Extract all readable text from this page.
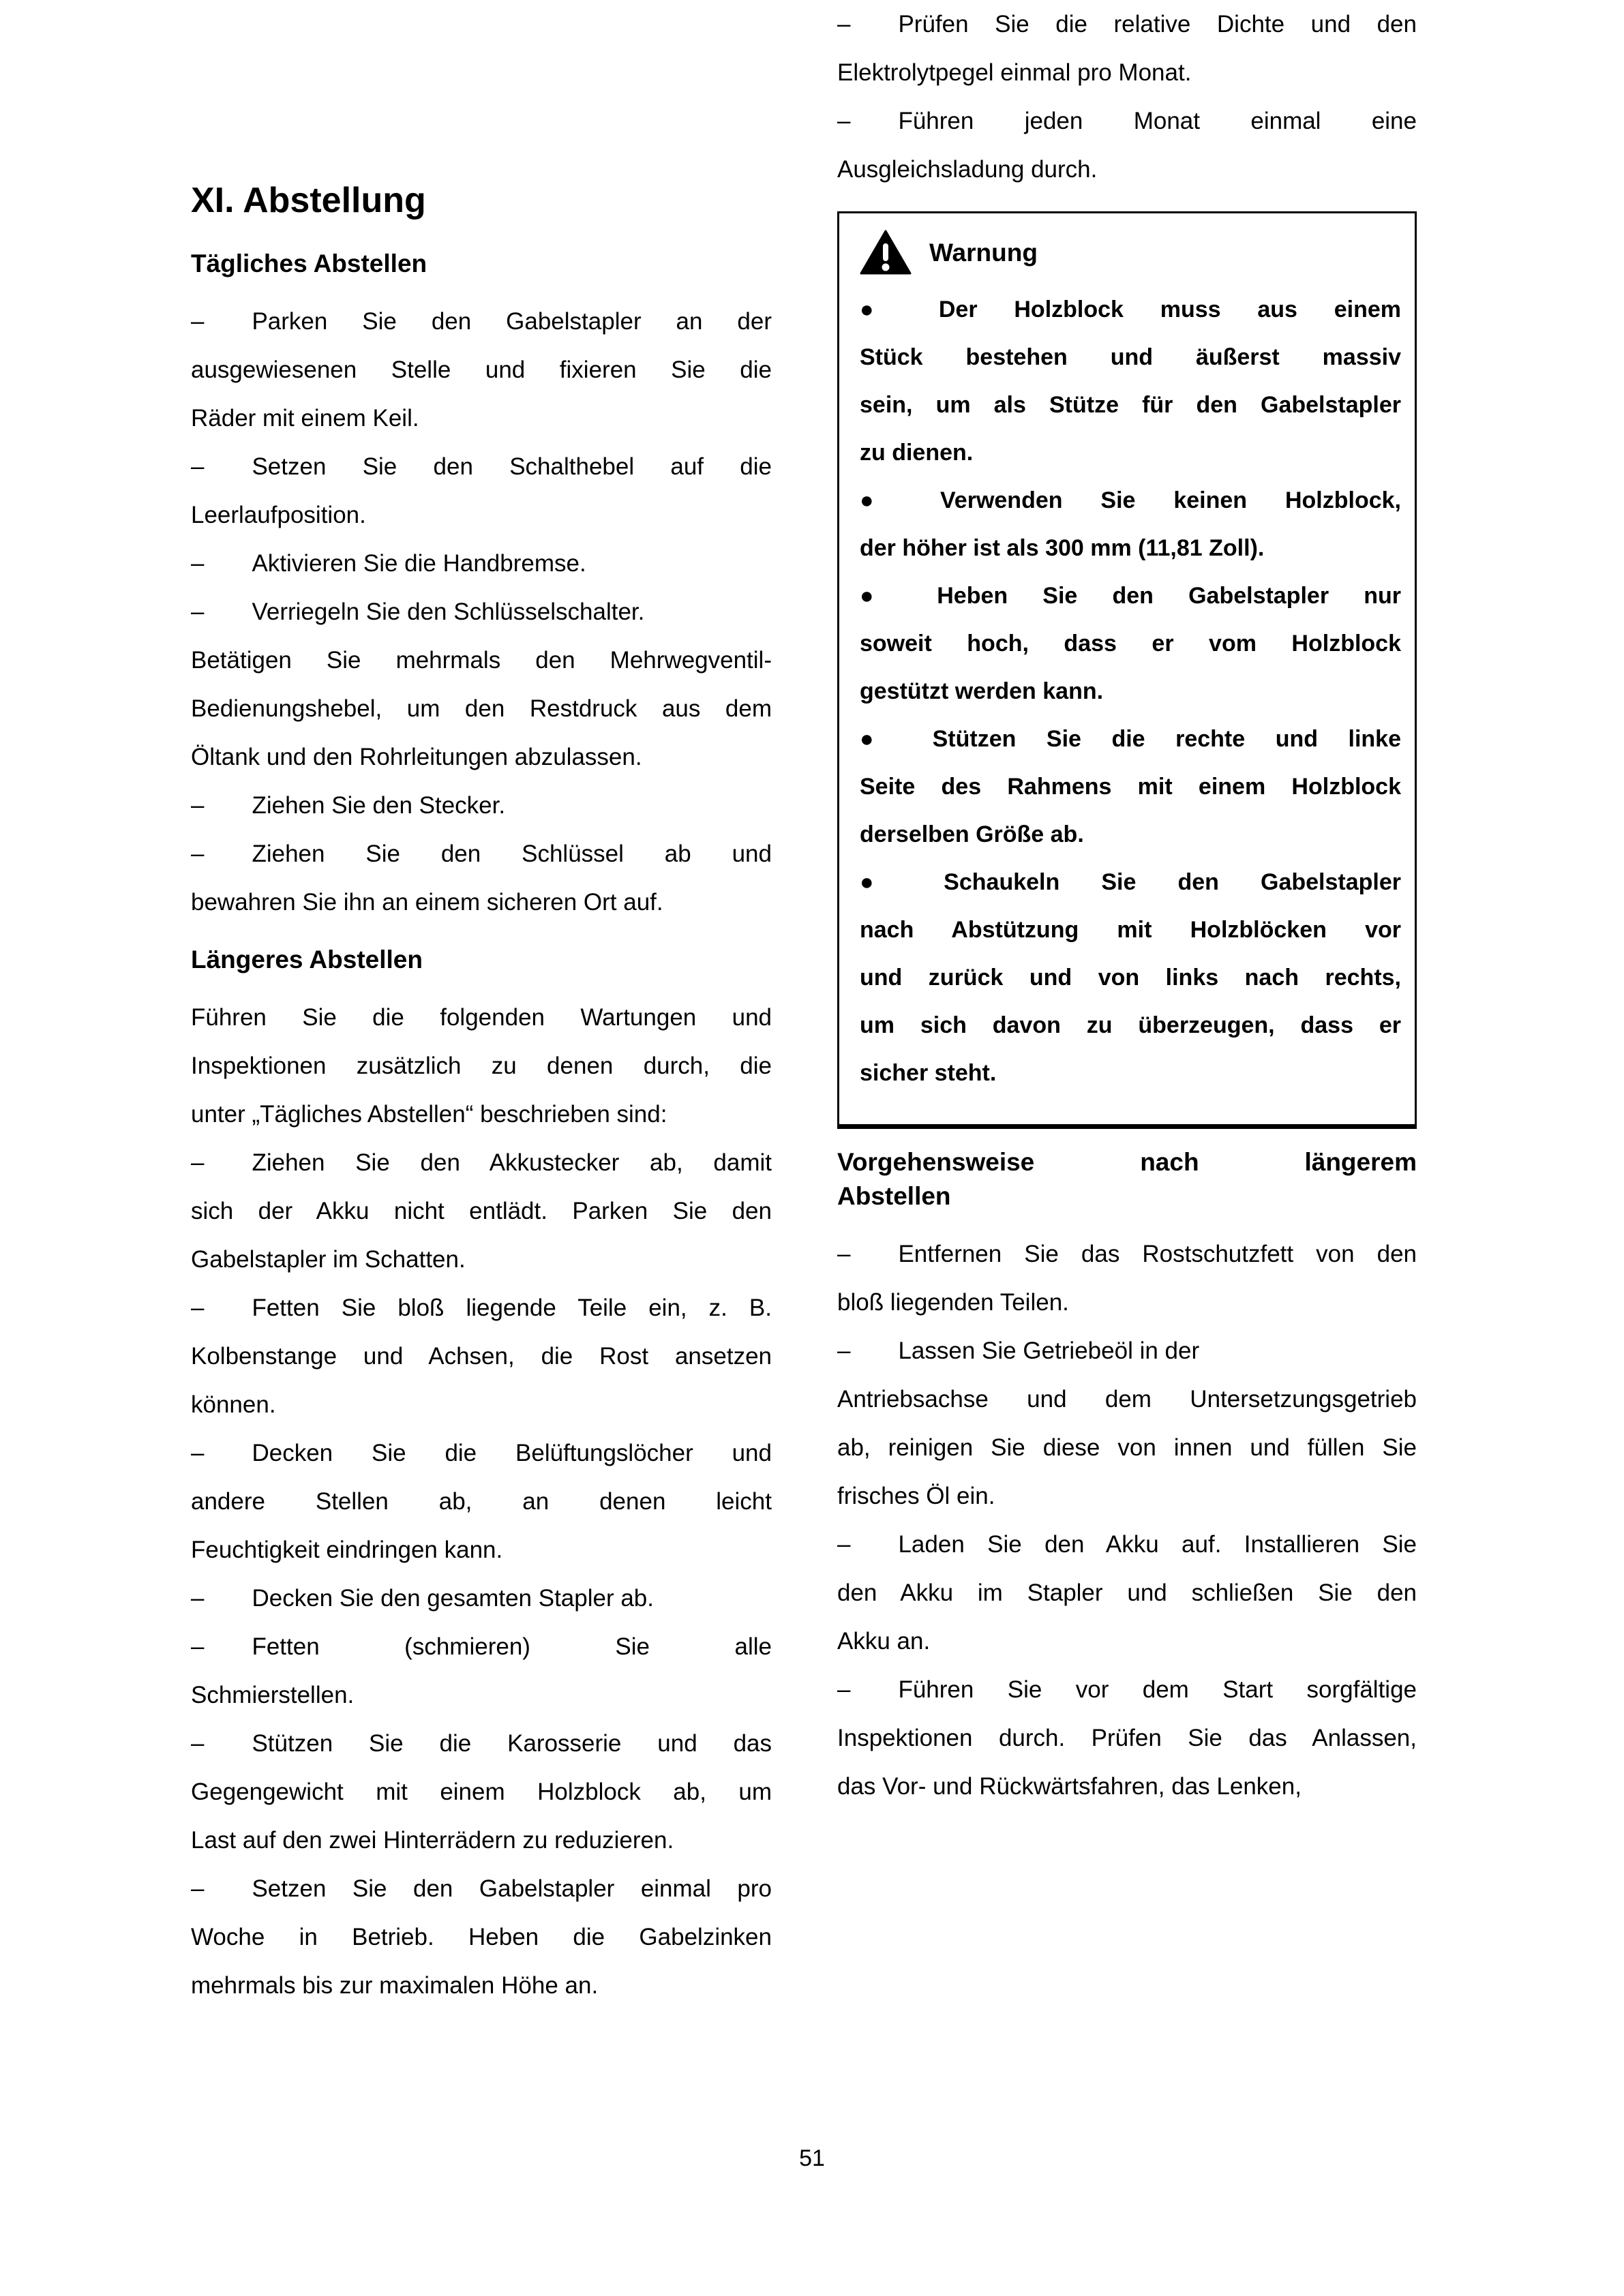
XI. Abstellung
Tägliches Abstellen
–  Parken Sie den Gabelstapler an der
ausgewiesenen Stelle und fixieren Sie die
Räder mit einem Keil.
–  Setzen Sie den Schalthebel auf die
Leerlaufposition.
–  Aktivieren Sie die Handbremse.
–  Verriegeln Sie den Schlüsselschalter.
Betätigen Sie mehrmals den Mehrwegventil-
Bedienungshebel, um den Restdruck aus dem
Öltank und den Rohrleitungen abzulassen.
–  Ziehen Sie den Stecker.
–  Ziehen Sie den Schlüssel ab und
bewahren Sie ihn an einem sicheren Ort auf.
Längeres Abstellen
Führen Sie die folgenden Wartungen und
Inspektionen zusätzlich zu denen durch, die
unter „Tägliches Abstellen“ beschrieben sind:
–  Ziehen Sie den Akkustecker ab, damit
sich der Akku nicht entlädt. Parken Sie den
Gabelstapler im Schatten.
–  Fetten Sie bloß liegende Teile ein, z. B.
Kolbenstange und Achsen, die Rost ansetzen
können.
–  Decken Sie die Belüftungslöcher und
andere Stellen ab, an denen leicht
Feuchtigkeit eindringen kann.
–  Decken Sie den gesamten Stapler ab.
–  Fetten (schmieren) Sie alle
Schmierstellen.
–  Stützen Sie die Karosserie und das
Gegengewicht mit einem Holzblock ab, um
Last auf den zwei Hinterrädern zu reduzieren.
–  Setzen Sie den Gabelstapler einmal pro
Woche in Betrieb. Heben die Gabelzinken
mehrmals bis zur maximalen Höhe an.
–  Prüfen Sie die relative Dichte und den
Elektrolytpegel einmal pro Monat.
–  Führen jeden Monat einmal eine
Ausgleichsladung durch.
Warnung
●  Der Holzblock muss aus einem
Stück bestehen und äußerst massiv
sein, um als Stütze für den Gabelstapler
zu dienen.
●  Verwenden Sie keinen Holzblock,
der höher ist als 300 mm (11,81 Zoll).
●  Heben Sie den Gabelstapler nur
soweit hoch, dass er vom Holzblock
gestützt werden kann.
●  Stützen Sie die rechte und linke
Seite des Rahmens mit einem Holzblock
derselben Größe ab.
●  Schaukeln Sie den Gabelstapler
nach Abstützung mit Holzblöcken vor
und zurück und von links nach rechts,
um sich davon zu überzeugen, dass er
sicher steht.
Vorgehensweise nach längerem
Abstellen
–  Entfernen Sie das Rostschutzfett von den
bloß liegenden Teilen.
–  Lassen Sie Getriebeöl in der
Antriebsachse und dem Untersetzungsgetrieb
ab, reinigen Sie diese von innen und füllen Sie
frisches Öl ein.
–  Laden Sie den Akku auf. Installieren Sie
den Akku im Stapler und schließen Sie den
Akku an.
–  Führen Sie vor dem Start sorgfältige
Inspektionen durch. Prüfen Sie das Anlassen,
das Vor- und Rückwärtsfahren, das Lenken,
51
